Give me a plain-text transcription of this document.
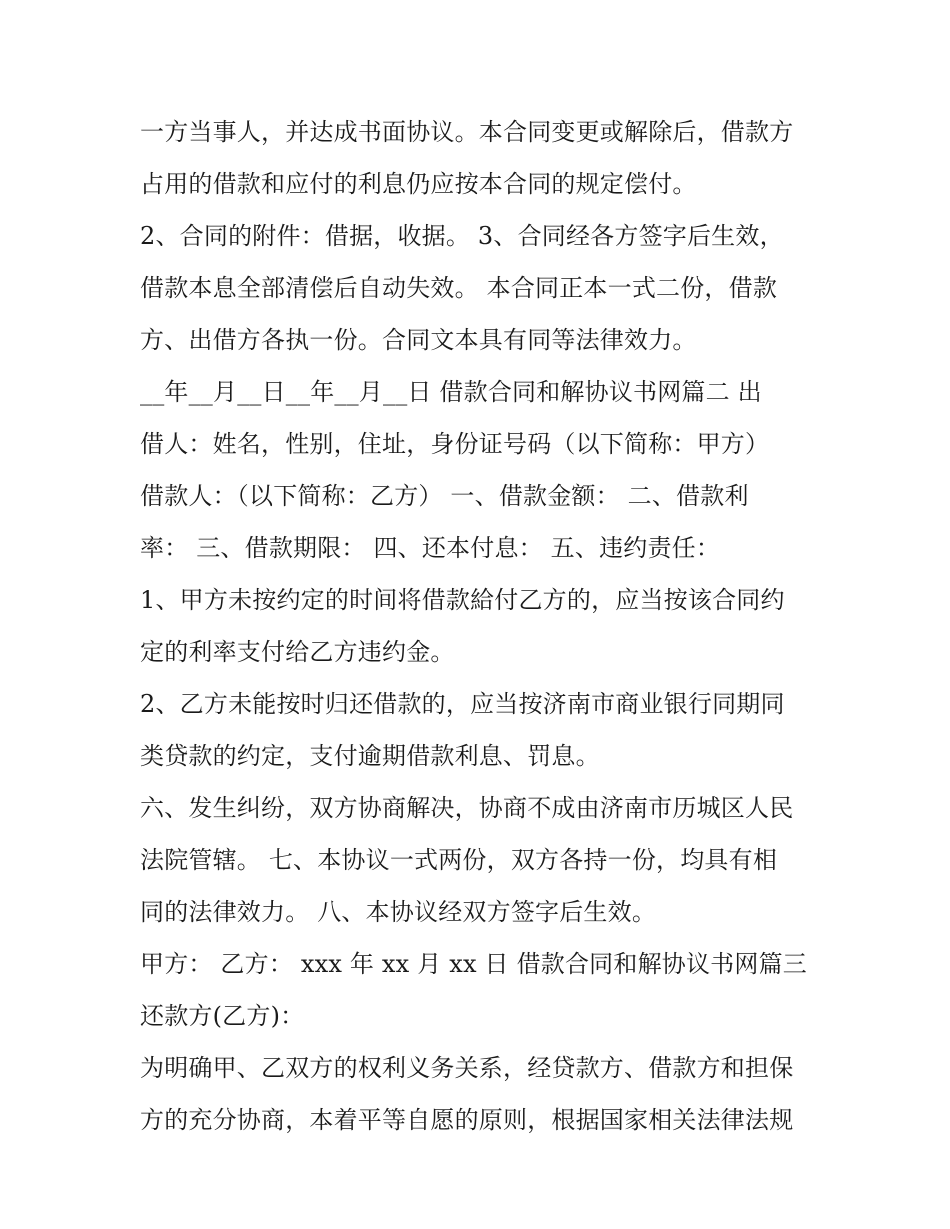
一方当事人，并达成书面协议。本合同变更或解除后，借款方
占用的借款和应付的利息仍应按本合同的规定偿付。
2、合同的附件：借据，收据。 3、合同经各方签字后生效，
借款本息全部清偿后自动失效。 本合同正本一式二份，借款
方、出借方各执一份。合同文本具有同等法律效力。
__年__月__日__年__月__日 借款合同和解协议书网篇二 出
借人：姓名，性别，住址，身份证号码（以下简称：甲方）
借款人：（以下简称：乙方） 一、借款金额： 二、借款利
率： 三、借款期限： 四、还本付息： 五、违约责任：
1、甲方未按约定的时间将借款給付乙方的，应当按该合同约
定的利率支付给乙方违约金。
2、乙方未能按时归还借款的，应当按济南市商业银行同期同
类贷款的约定，支付逾期借款利息、罚息。
六、发生纠纷，双方协商解决，协商不成由济南市历城区人民
法院管辖。 七、本协议一式两份，双方各持一份，均具有相
同的法律效力。 八、本协议经双方签字后生效。
甲方： 乙方： xxx 年 xx 月 xx 日 借款合同和解协议书网篇三
还款方(乙方)：
为明确甲、乙双方的权利义务关系，经贷款方、借款方和担保
方的充分协商，本着平等自愿的原则，根据国家相关法律法规
